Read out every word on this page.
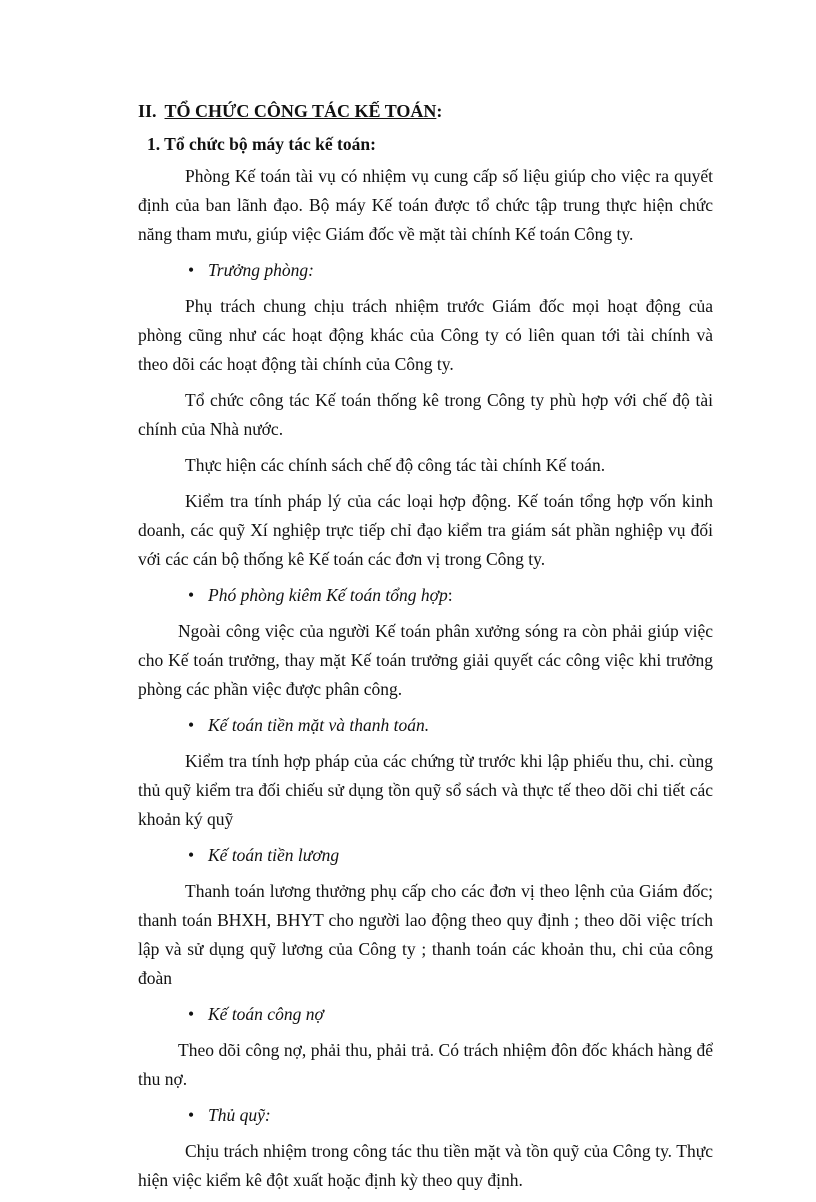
II. TỔ CHỨC CÔNG TÁC KẾ TOÁN:
1. Tổ chức bộ máy tác kế toán:

Phòng Kế toán tài vụ có nhiệm vụ cung cấp số liệu giúp cho việc ra quyết định của ban lãnh đạo. Bộ máy Kế toán được tổ chức tập trung thực hiện chức năng tham mưu, giúp việc Giám đốc về mặt tài chính Kế toán Công ty.

• Trưởng phòng:

Phụ trách chung chịu trách nhiệm trước Giám đốc mọi hoạt động của phòng cũng như các hoạt động khác của Công ty có liên quan tới tài chính và theo dõi các hoạt động tài chính của Công ty.

Tổ chức công tác Kế toán thống kê trong Công ty phù hợp với chế độ tài chính của Nhà nước.

Thực hiện các chính sách chế độ công tác tài chính Kế toán.

Kiểm tra tính pháp lý của các loại hợp động. Kế toán tổng hợp vốn kinh doanh, các quỹ Xí nghiệp trực tiếp chỉ đạo kiểm tra giám sát phần nghiệp vụ đối với các cán bộ thống kê Kế toán các đơn vị trong Công ty.

• Phó phòng kiêm Kế toán tổng hợp:

Ngoài công việc của người Kế toán phân xưởng sóng ra còn phải giúp việc cho Kế toán trưởng, thay mặt Kế toán trưởng giải quyết các công việc khi trưởng phòng các phần việc được phân công.

• Kế toán tiền mặt và thanh toán.

Kiểm tra tính hợp pháp của các chứng từ trước khi lập phiếu thu, chi. cùng thủ quỹ kiểm tra đối chiếu sử dụng tồn quỹ sổ sách và thực tế theo dõi chi tiết các khoản ký quỹ

• Kế toán tiền lương

Thanh toán lương thưởng phụ cấp cho các đơn vị theo lệnh của Giám đốc; thanh toán BHXH, BHYT cho người lao động theo quy định ; theo dõi việc trích lập và sử dụng quỹ lương của Công ty ; thanh toán các khoản thu, chi của công đoàn

• Kế toán công nợ

Theo dõi công nợ, phải thu, phải trả. Có trách nhiệm đôn đốc khách hàng để thu nợ.

• Thủ quỹ:

Chịu trách nhiệm trong công tác thu tiền mặt và tồn quỹ của Công ty. Thực hiện việc kiểm kê đột xuất hoặc định kỳ theo quy định.
